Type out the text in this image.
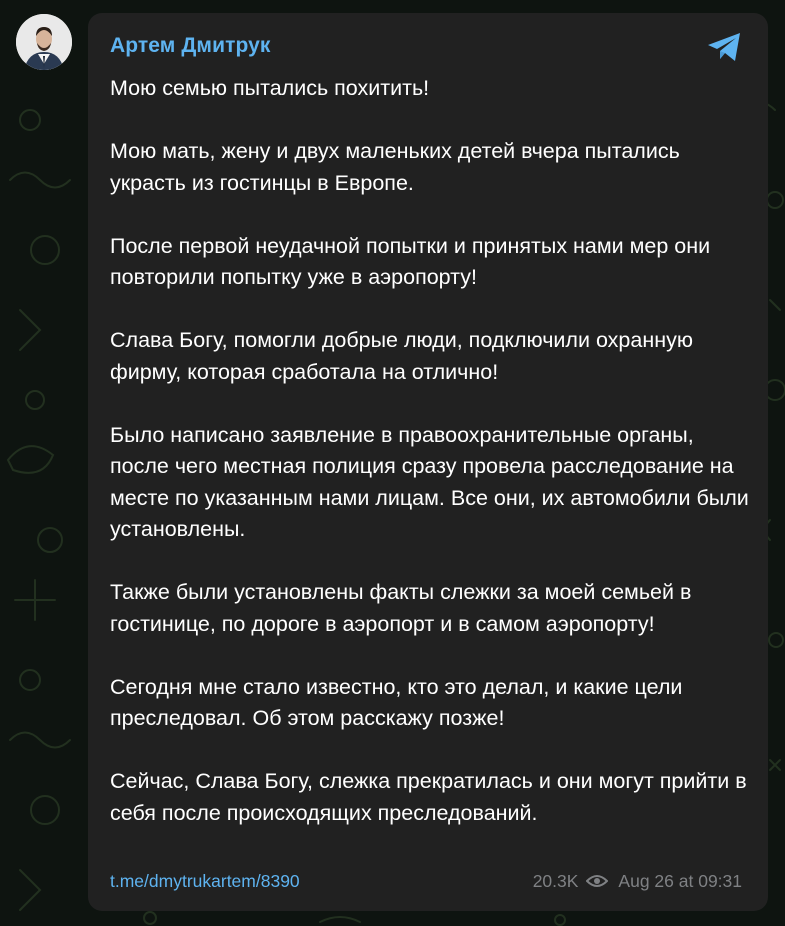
Артем Дмитрук

Мою семью пытались похитить!

Мою мать, жену и двух маленьких детей вчера пытались украсть из гостинцы в Европе.

После первой неудачной попытки и принятых нами мер они повторили попытку уже в аэропорту!

Слава Богу, помогли добрые люди, подключили охранную фирму, которая сработала на отлично!

Было написано заявление в правоохранительные органы, после чего местная полиция сразу провела расследование на месте по указанным нами лицам. Все они, их автомобили были установлены.

Также были установлены факты слежки за моей семьей в гостинице, по дороге в аэропорт и в самом аэропорту!

Сегодня мне стало известно, кто это делал, и какие цели преследовал. Об этом расскажу позже!

Сейчас, Слава Богу, слежка прекратилась и они могут прийти в себя после происходящих преследований.

t.me/dmytrukartem/8390	20.3K Aug 26 at 09:31
